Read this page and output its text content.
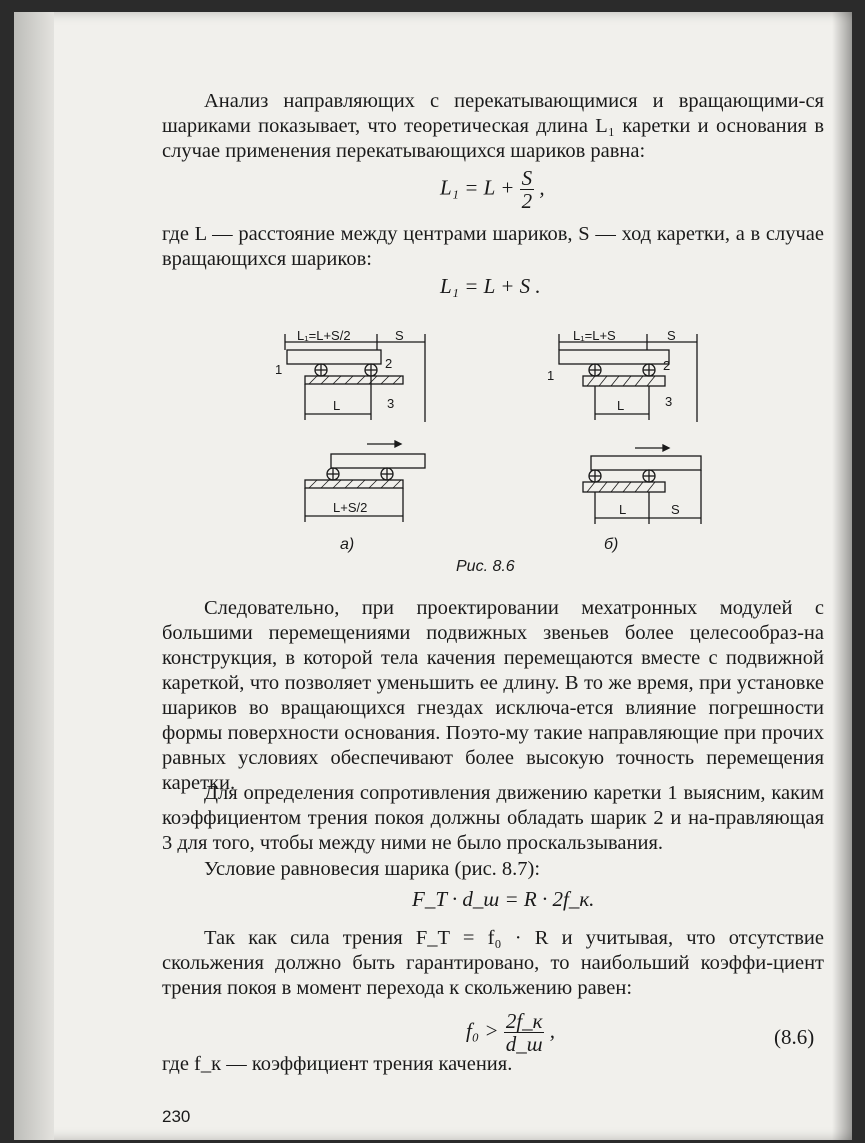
Анализ направляющих с перекатывающимися и вращающими-ся шариками показывает, что теоретическая длина L₁ каретки и основания в случае применения перекатывающихся шариков равна:

$L_1 = L + \frac{S}{2}$ ,

где L — расстояние между центрами шариков, S — ход каретки, а в случае вращающихся шариков:

L₁ = L + S .
L₁=L+S/2	S
1	2
3
L
L+S/2
L₁=L+S	S
1
2
3
L
L	S
а)	б)
Рис. 8.6

Следовательно, при проектировании мехатронных модулей с большими перемещениями подвижных звеньев более целесообраз-на конструкция, в которой тела качения перемещаются вместе с подвижной кареткой, что позволяет уменьшить ее длину. В то же время, при установке шариков во вращающихся гнездах исключа-ется влияние погрешности формы поверхности основания. Поэто-му такие направляющие при прочих равных условиях обеспечивают более высокую точность перемещения каретки.

Для определения сопротивления движению каретки 1 выясним, каким коэффициентом трения покоя должны обладать шарик 2 и на-правляющая 3 для того, чтобы между ними не было проскальзывания.

Условие равновесия шарика (рис. 8.7):

F_T · d_ш = R · 2f_к.

Так как сила трения F_T = f₀ · R и учитывая, что отсутствие скольжения должно быть гарантировано, то наибольший коэффи-циент трения покоя в момент перехода к скольжению равен:

$f_0 > \frac{2f\_к}{d\_ш}$ ,	(8.6)

где f_к — коэффициент трения качения.

230
